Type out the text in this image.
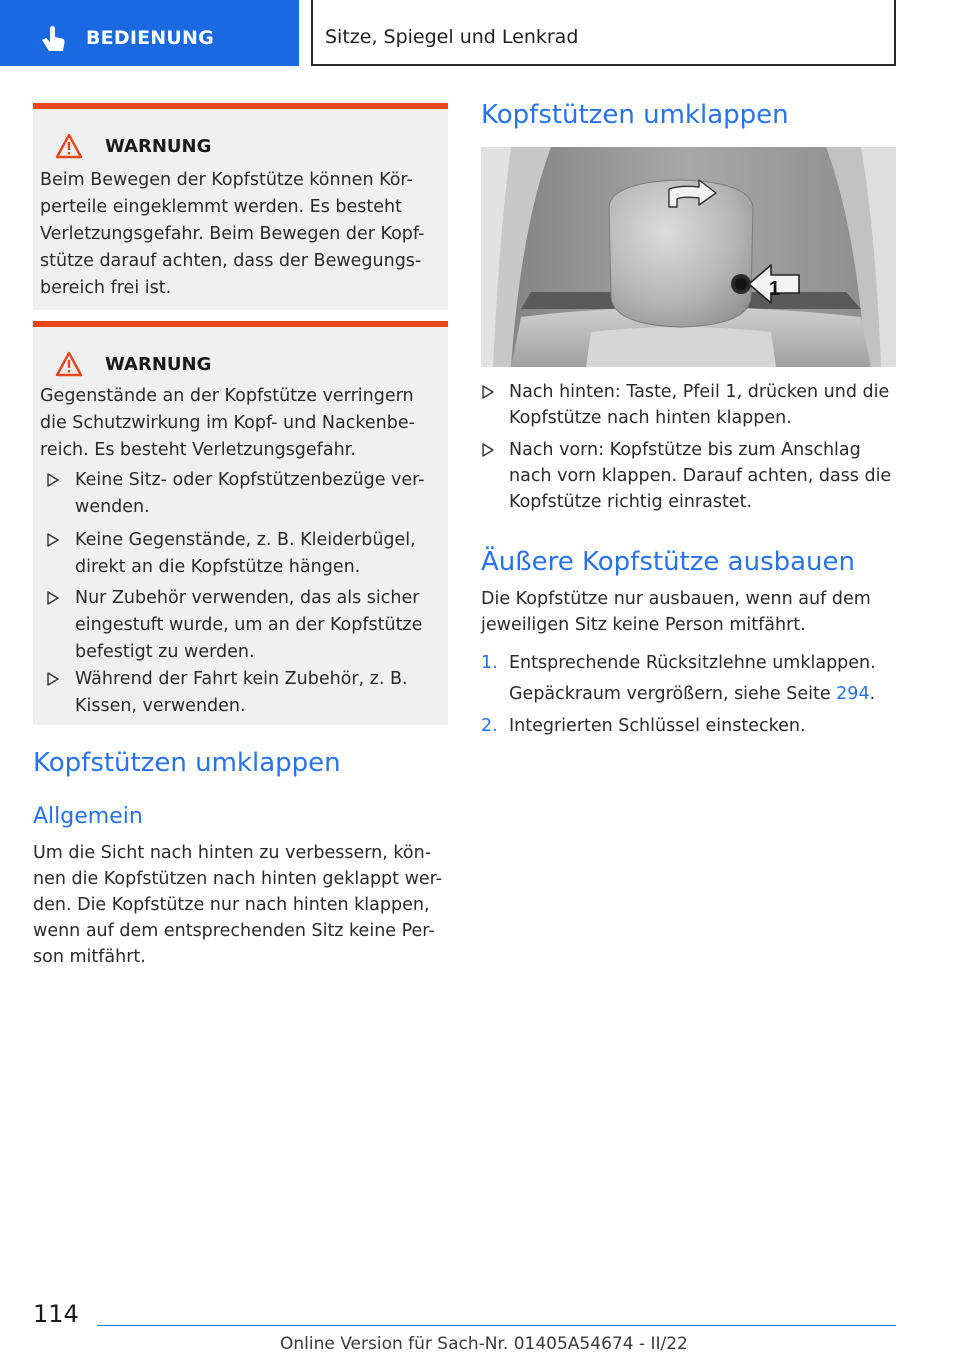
BEDIENUNG	Sitze, Spiegel und Lenkrad
WARNUNG
Beim Bewegen der Kopfstütze können Kör-
perteile eingeklemmt werden. Es besteht
Verletzungsgefahr. Beim Bewegen der Kopf-
stütze darauf achten, dass der Bewegungs-
bereich frei ist.
WARNUNG
Gegenstände an der Kopfstütze verringern
die Schutzwirkung im Kopf- und Nackenbe-
reich. Es besteht Verletzungsgefahr.
Keine Sitz- oder Kopfstützenbezüge ver-
wenden.
Keine Gegenstände, z. B. Kleiderbügel,
direkt an die Kopfstütze hängen.
Nur Zubehör verwenden, das als sicher
eingestuft wurde, um an der Kopfstütze
befestigt zu werden.
Während der Fahrt kein Zubehör, z. B.
Kissen, verwenden.
Kopfstützen umklappen
Allgemein
Um die Sicht nach hinten zu verbessern, kön-
nen die Kopfstützen nach hinten geklappt wer-
den. Die Kopfstütze nur nach hinten klappen,
wenn auf dem entsprechenden Sitz keine Per-
son mitfährt.
Kopfstützen umklappen
1
Nach hinten: Taste, Pfeil 1, drücken und die
Kopfstütze nach hinten klappen.
Nach vorn: Kopfstütze bis zum Anschlag
nach vorn klappen. Darauf achten, dass die
Kopfstütze richtig einrastet.
Äußere Kopfstütze ausbauen
Die Kopfstütze nur ausbauen, wenn auf dem
jeweiligen Sitz keine Person mitfährt.
1. Entsprechende Rücksitzlehne umklappen.
Gepäckraum vergrößern, siehe Seite 294.
2. Integrierten Schlüssel einstecken.
114
Online Version für Sach-Nr. 01405A54674 - II/22
